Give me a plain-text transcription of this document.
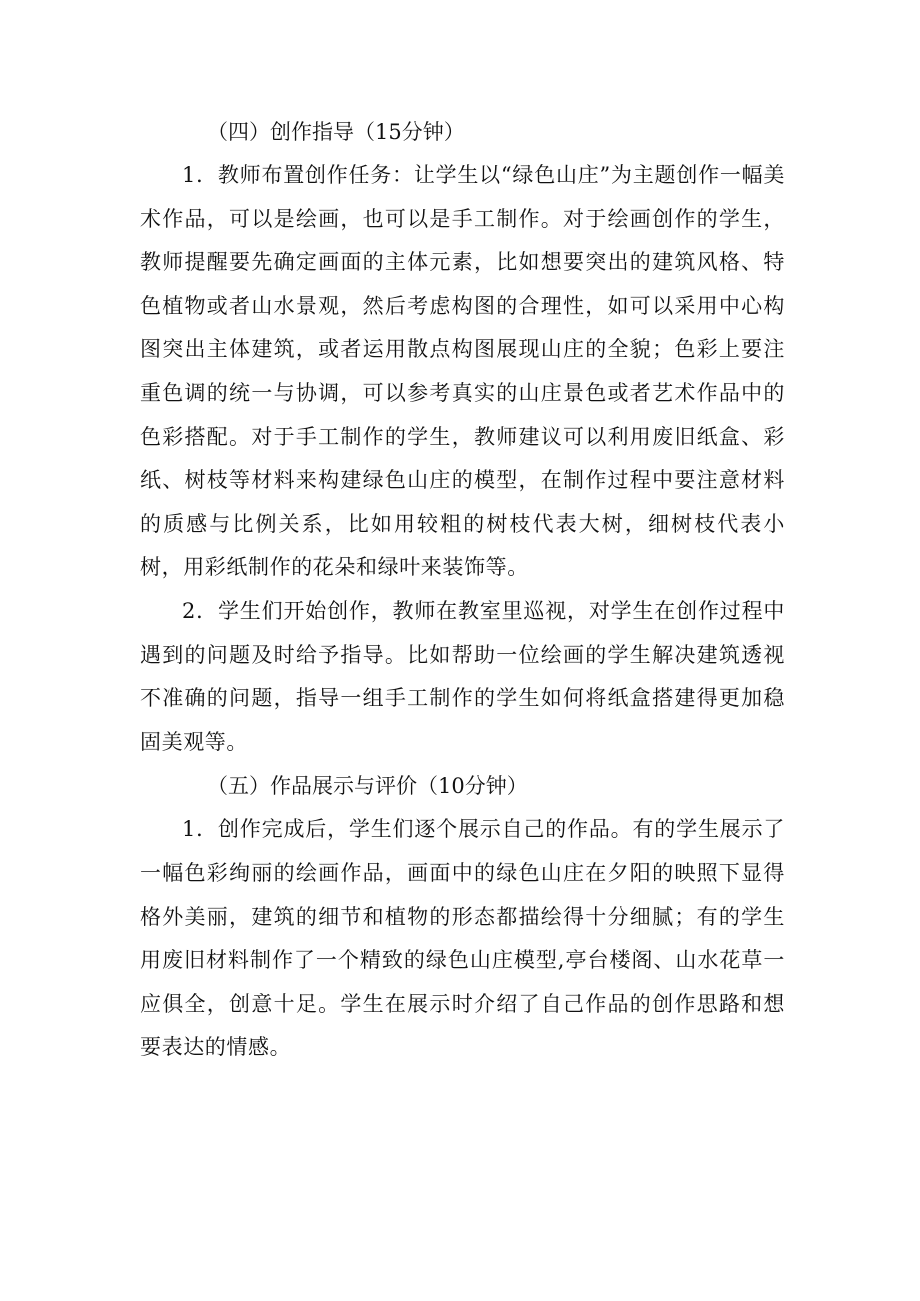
（四）创作指导（15分钟）

1．教师布置创作任务：让学生以“绿色山庄”为主题创作一幅美术作品，可以是绘画，也可以是手工制作。对于绘画创作的学生，教师提醒要先确定画面的主体元素，比如想要突出的建筑风格、特色植物或者山水景观，然后考虑构图的合理性，如可以采用中心构图突出主体建筑，或者运用散点构图展现山庄的全貌；色彩上要注重色调的统一与协调，可以参考真实的山庄景色或者艺术作品中的色彩搭配。对于手工制作的学生，教师建议可以利用废旧纸盒、彩纸、树枝等材料来构建绿色山庄的模型，在制作过程中要注意材料的质感与比例关系，比如用较粗的树枝代表大树，细树枝代表小树，用彩纸制作的花朵和绿叶来装饰等。

2．学生们开始创作，教师在教室里巡视，对学生在创作过程中遇到的问题及时给予指导。比如帮助一位绘画的学生解决建筑透视不准确的问题，指导一组手工制作的学生如何将纸盒搭建得更加稳固美观等。

（五）作品展示与评价（10分钟）

1．创作完成后，学生们逐个展示自己的作品。有的学生展示了一幅色彩绚丽的绘画作品，画面中的绿色山庄在夕阳的映照下显得格外美丽，建筑的细节和植物的形态都描绘得十分细腻；有的学生用废旧材料制作了一个精致的绿色山庄模型,亭台楼阁、山水花草一应俱全，创意十足。学生在展示时介绍了自己作品的创作思路和想要表达的情感。
